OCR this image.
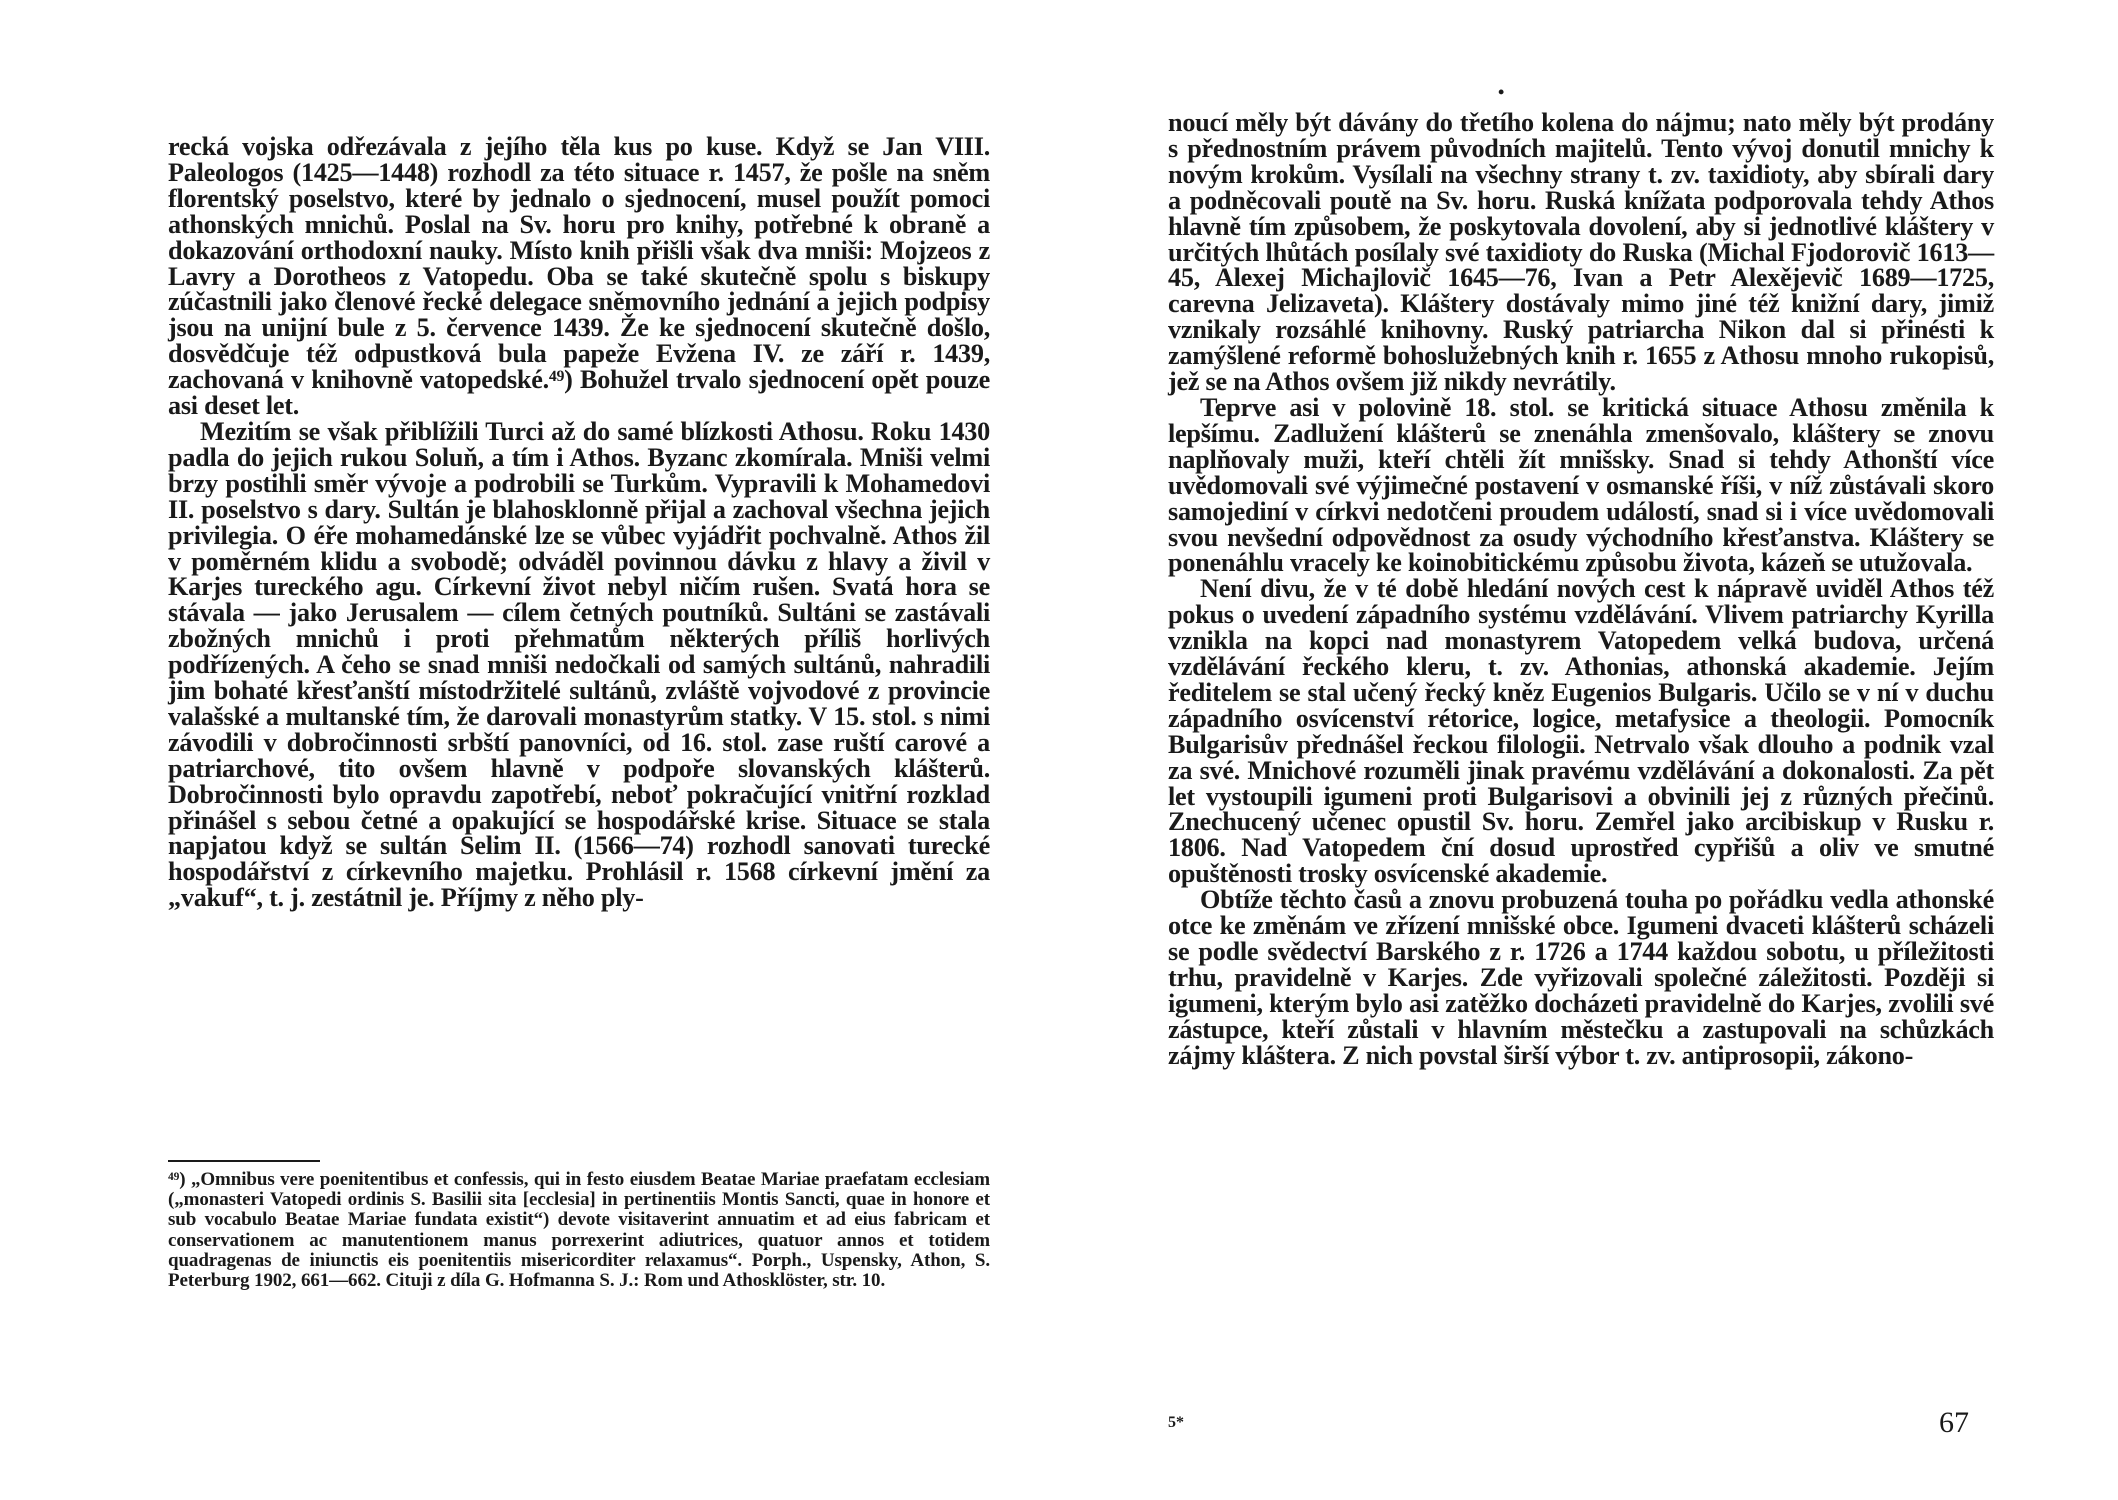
recká vojska odřezávala z jejího těla kus po kuse. Když se Jan VIII. Paleologos (1425—1448) rozhodl za této situace r. 1457, že pošle na sněm florentský poselstvo, které by jednalo o sjednocení, musel použít pomoci athonských mnichů. Poslal na Sv. horu pro knihy, potřebné k obraně a dokazování orthodoxní nauky. Místo knih přišli však dva mniši: Mojzeos z Lavry a Dorotheos z Vatopedu. Oba se také skutečně spolu s biskupy zúčastnili jako členové řecké delegace sněmovního jednání a jejich podpisy jsou na unijní bule z 5. července 1439. Že ke sjednocení skutečně došlo, dosvědčuje též odpustková bula papeže Evžena IV. ze září r. 1439, zachovaná v knihovně vatopedské.⁴⁹) Bohužel trvalo sjednocení opět pouze asi deset let.

Mezitím se však přiblížili Turci až do samé blízkosti Athosu. Roku 1430 padla do jejich rukou Soluň, a tím i Athos. Byzanc zkomírala. Mniši velmi brzy postihli směr vývoje a podrobili se Turkům. Vypravili k Mohamedovi II. poselstvo s dary. Sultán je blahosklonně přijal a zachoval všechna jejich privilegia. O éře mohamedánské lze se vůbec vyjádřit pochvalně. Athos žil v poměrném klidu a svobodě; odváděl povinnou dávku z hlavy a živil v Karjes tureckého agu. Církevní život nebyl ničím rušen. Svatá hora se stávala — jako Jerusalem — cílem četných poutníků. Sultáni se zastávali zbožných mnichů i proti přehmatům některých příliš horlivých podřízených. A čeho se snad mniši nedočkali od samých sultánů, nahradili jim bohaté křesťanští místodržitelé sultánů, zvláště vojvodové z provincie valašské a multanské tím, že darovali monastyrům statky. V 15. stol. s nimi závodili v dobročinnosti srbští panovníci, od 16. stol. zase ruští carové a patriarchové, tito ovšem hlavně v podpoře slovanských klášterů. Dobročinnosti bylo opravdu zapotřebí, neboť pokračující vnitřní rozklad přinášel s sebou četné a opakující se hospodářské krise. Situace se stala napjatou když se sultán Selim II. (1566—74) rozhodl sanovati turecké hospodářství z církevního majetku. Prohlásil r. 1568 církevní jmění za „vakuf“, t. j. zestátnil je. Příjmy z něho ply-

⁴⁹) „Omnibus vere poenitentibus et confessis, qui in festo eiusdem Beatae Mariae praefatam ecclesiam („monasteri Vatopedi ordinis S. Basilii sita [ecclesia] in pertinentiis Montis Sancti, quae in honore et sub vocabulo Beatae Mariae fundata existit“) devote visitaverint annuatim et ad eius fabricam et conservationem ac manutentionem manus porrexerint adiutrices, quatuor annos et totidem quadragenas de iniunctis eis poenitentiis misericorditer relaxamus“. Porph., Uspensky, Athon, S. Peterburg 1902, 661—662. Cituji z díla G. Hofmanna S. J.: Rom und Athosklöster, str. 10.
•

noucí měly být dávány do třetího kolena do nájmu; nato měly být prodány s přednostním právem původních majitelů. Tento vývoj donutil mnichy k novým krokům. Vysílali na všechny strany t. zv. taxidioty, aby sbírali dary a podněcovali poutě na Sv. horu. Ruská knížata podporovala tehdy Athos hlavně tím způsobem, že poskytovala dovolení, aby si jednotlivé kláštery v určitých lhůtách posílaly své taxidioty do Ruska (Michal Fjodorovič 1613—45, Alexej Michajlovič 1645—76, Ivan a Petr Alexějevič 1689—1725, carevna Jelizaveta). Kláštery dostávaly mimo jiné též knižní dary, jimiž vznikaly rozsáhlé knihovny. Ruský patriarcha Nikon dal si přinésti k zamýšlené reformě bohoslužebných knih r. 1655 z Athosu mnoho rukopisů, jež se na Athos ovšem již nikdy nevrátily.

Teprve asi v polovině 18. stol. se kritická situace Athosu změnila k lepšímu. Zadlužení klášterů se znenáhla zmenšovalo, kláštery se znovu naplňovaly muži, kteří chtěli žít mnišsky. Snad si tehdy Athonští více uvědomovali své výjimečné postavení v osmanské říši, v níž zůstávali skoro samojediní v církvi nedotčeni proudem událostí, snad si i více uvědomovali svou nevšední odpovědnost za osudy východního křesťanstva. Kláštery se ponenáhlu vracely ke koinobitickému způsobu života, kázeň se utužovala.

Není divu, že v té době hledání nových cest k nápravě uviděl Athos též pokus o uvedení západního systému vzdělávání. Vlivem patriarchy Kyrilla vznikla na kopci nad monastyrem Vatopedem velká budova, určená vzdělávání řeckého kleru, t. zv. Athonias, athonská akademie. Jejím ředitelem se stal učený řecký kněz Eugenios Bulgaris. Učilo se v ní v duchu západního osvícenství rétorice, logice, metafysice a theologii. Pomocník Bulgarisův přednášel řeckou filologii. Netrvalo však dlouho a podnik vzal za své. Mnichové rozuměli jinak pravému vzdělávání a dokonalosti. Za pět let vystoupili igumeni proti Bulgarisovi a obvinili jej z různých přečinů. Znechucený učenec opustil Sv. horu. Zemřel jako arcibiskup v Rusku r. 1806. Nad Vatopedem ční dosud uprostřed cypřišů a oliv ve smutné opuštěnosti trosky osvícenské akademie.

Obtíže těchto časů a znovu probuzená touha po pořádku vedla athonské otce ke změnám ve zřízení mnišské obce. Igumeni dvaceti klášterů scházeli se podle svědectví Barského z r. 1726 a 1744 každou sobotu, u příležitosti trhu, pravidelně v Karjes. Zde vyřizovali společné záležitosti. Později si igumeni, kterým bylo asi zatěžko docházeti pravidelně do Karjes, zvolili své zástupce, kteří zůstali v hlavním městečku a zastupovali na schůzkách zájmy kláštera. Z nich povstal širší výbor t. zv. antiprosopii, zákono-

5*	67
